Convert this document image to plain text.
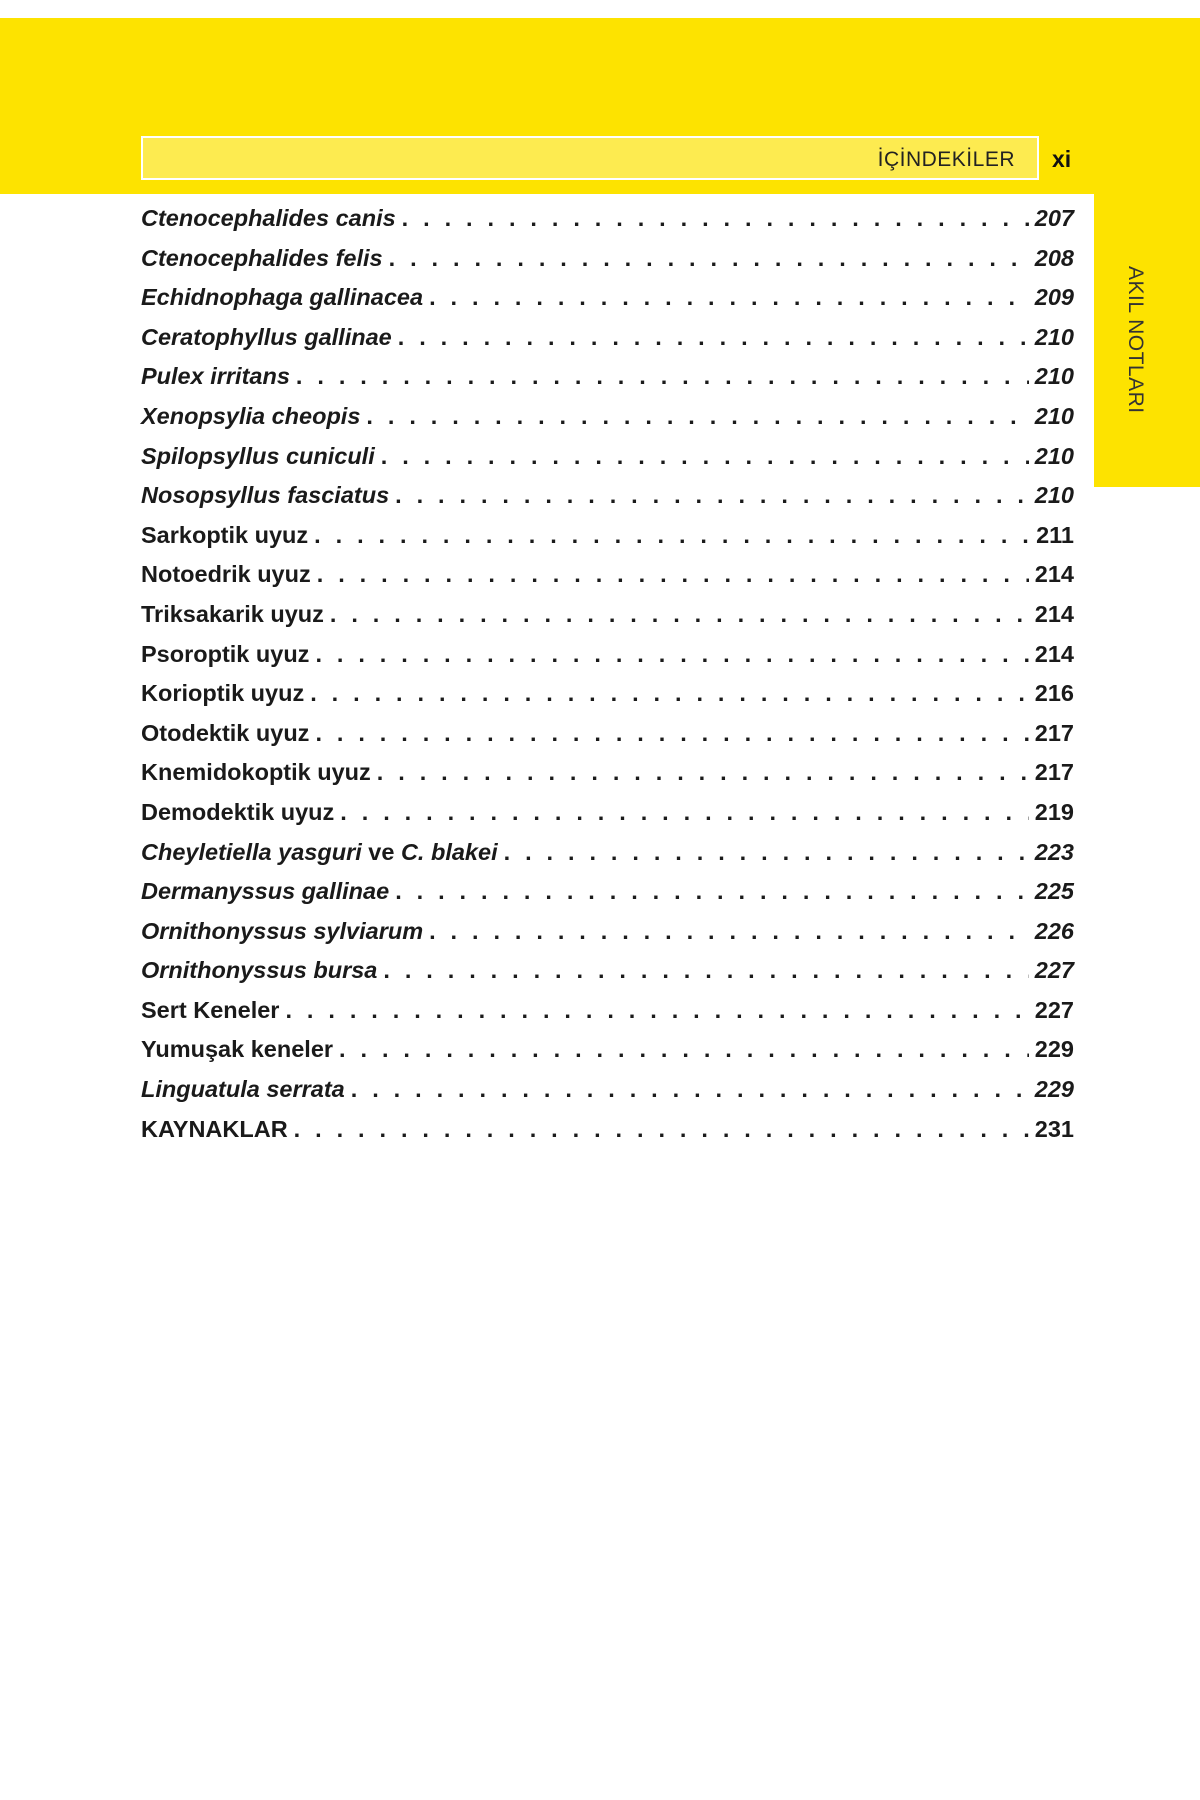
İÇİNDEKİLER xi
AKIL NOTLARI
Ctenocephalides canis . . .	207
Ctenocephalides felis . . .	208
Echidnophaga gallinacea . . .	209
Ceratophyllus gallinae . . .	210
Pulex irritans . . .	210
Xenopsylia cheopis . . .	210
Spilopsyllus cuniculi . . .	210
Nosopsyllus fasciatus . . .	210
Sarkoptik uyuz . . .	211
Notoedrik uyuz . . .	214
Triksakarik uyuz . . .	214
Psoroptik uyuz . . .	214
Korioptik uyuz . . .	216
Otodektik uyuz . . .	217
Knemidokoptik uyuz . . .	217
Demodektik uyuz . . .	219
Cheyletiella yasguri ve C. blakei . . .	223
Dermanyssus gallinae . . .	225
Ornithonyssus sylviarum . . .	226
Ornithonyssus bursa . . .	227
Sert Keneler . . .	227
Yumuşak keneler . . .	229
Linguatula serrata . . .	229
KAYNAKLAR . . .	231
